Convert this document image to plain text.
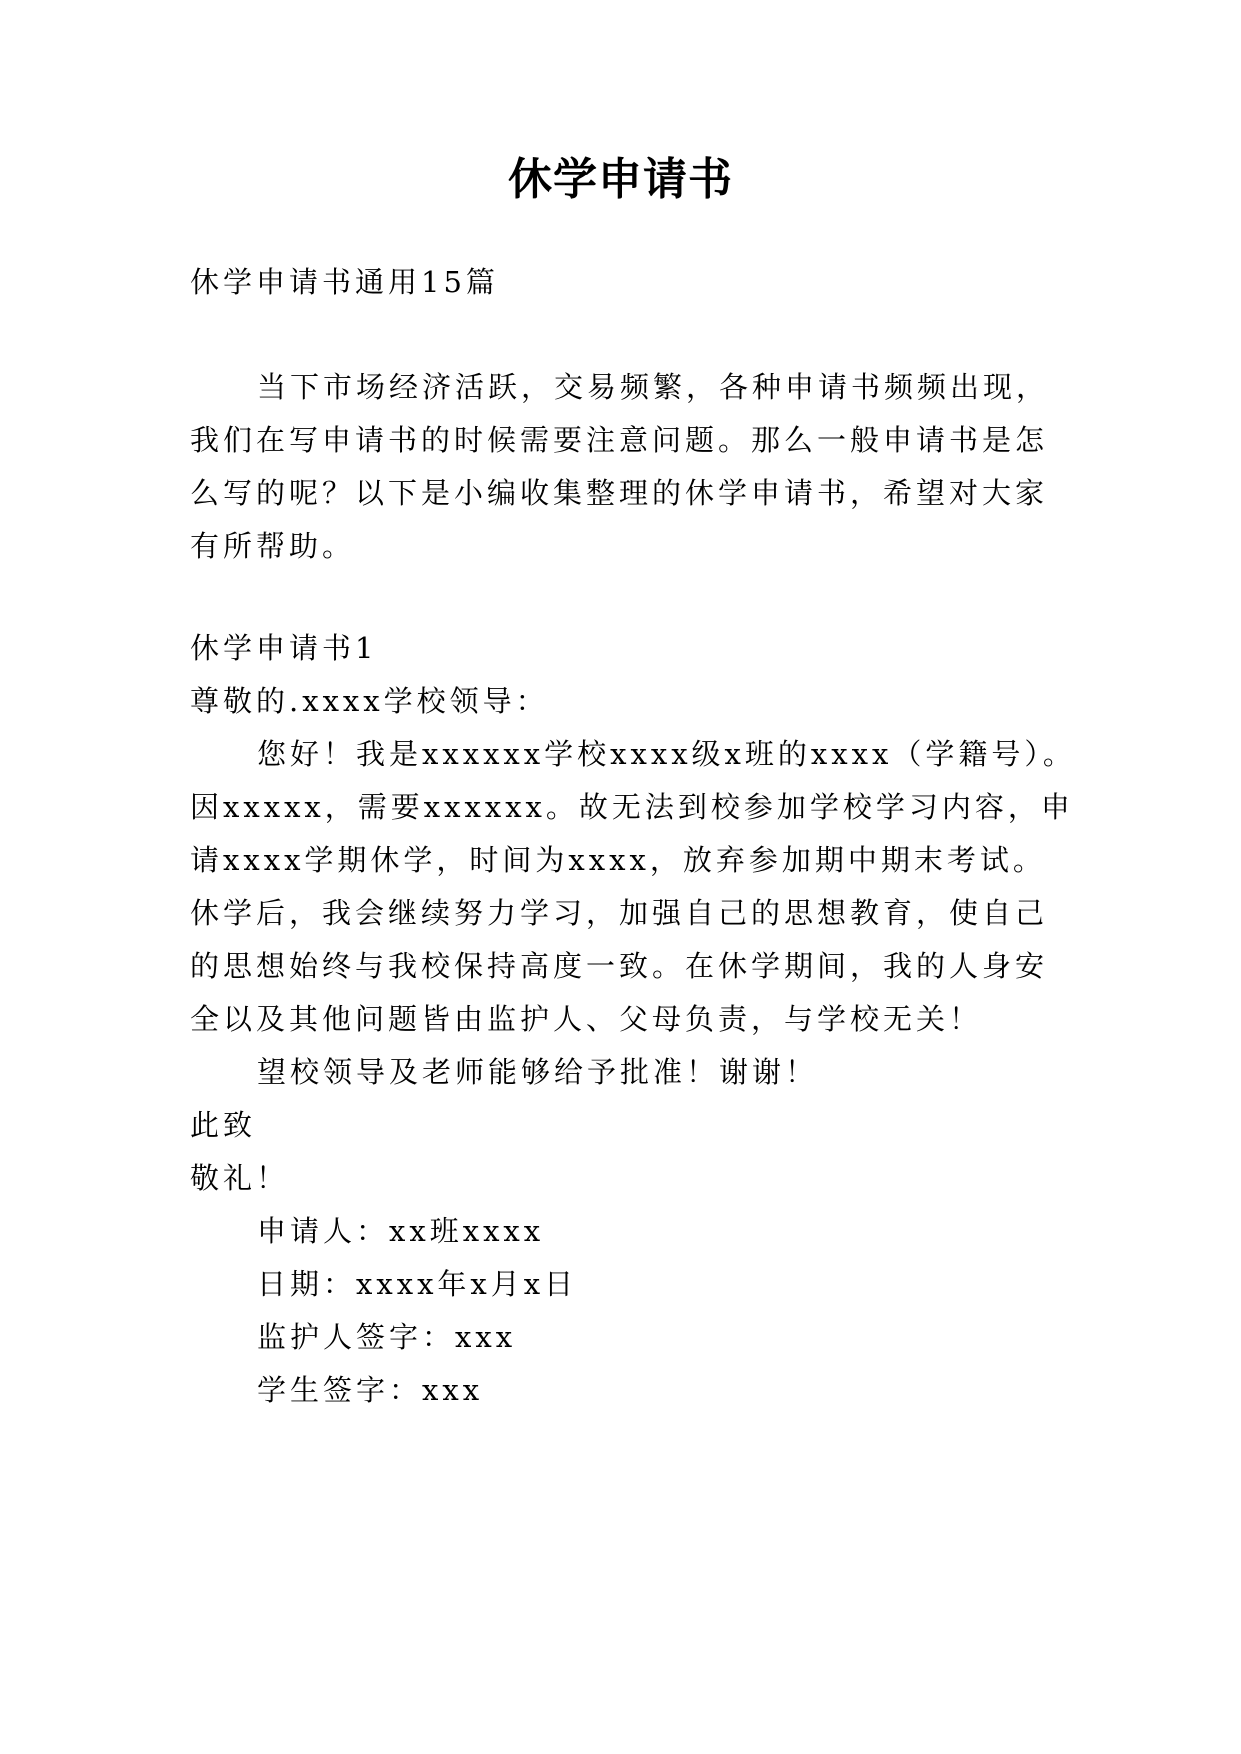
休学申请书
休学申请书通用15篇
当下市场经济活跃，交易频繁，各种申请书频频出现，
我们在写申请书的时候需要注意问题。那么一般申请书是怎
么写的呢？以下是小编收集整理的休学申请书，希望对大家
有所帮助。
休学申请书1
尊敬的.xxxx学校领导：
您好！我是xxxxxx学校xxxx级x班的xxxx（学籍号）。
因xxxxx，需要xxxxxx。故无法到校参加学校学习内容，申
请xxxx学期休学，时间为xxxx，放弃参加期中期末考试。
休学后，我会继续努力学习，加强自己的思想教育，使自己
的思想始终与我校保持高度一致。在休学期间，我的人身安
全以及其他问题皆由监护人、父母负责，与学校无关！
望校领导及老师能够给予批准！谢谢！
此致
敬礼！
申请人：xx班xxxx
日期：xxxx年x月x日
监护人签字：xxx
学生签字：xxx
